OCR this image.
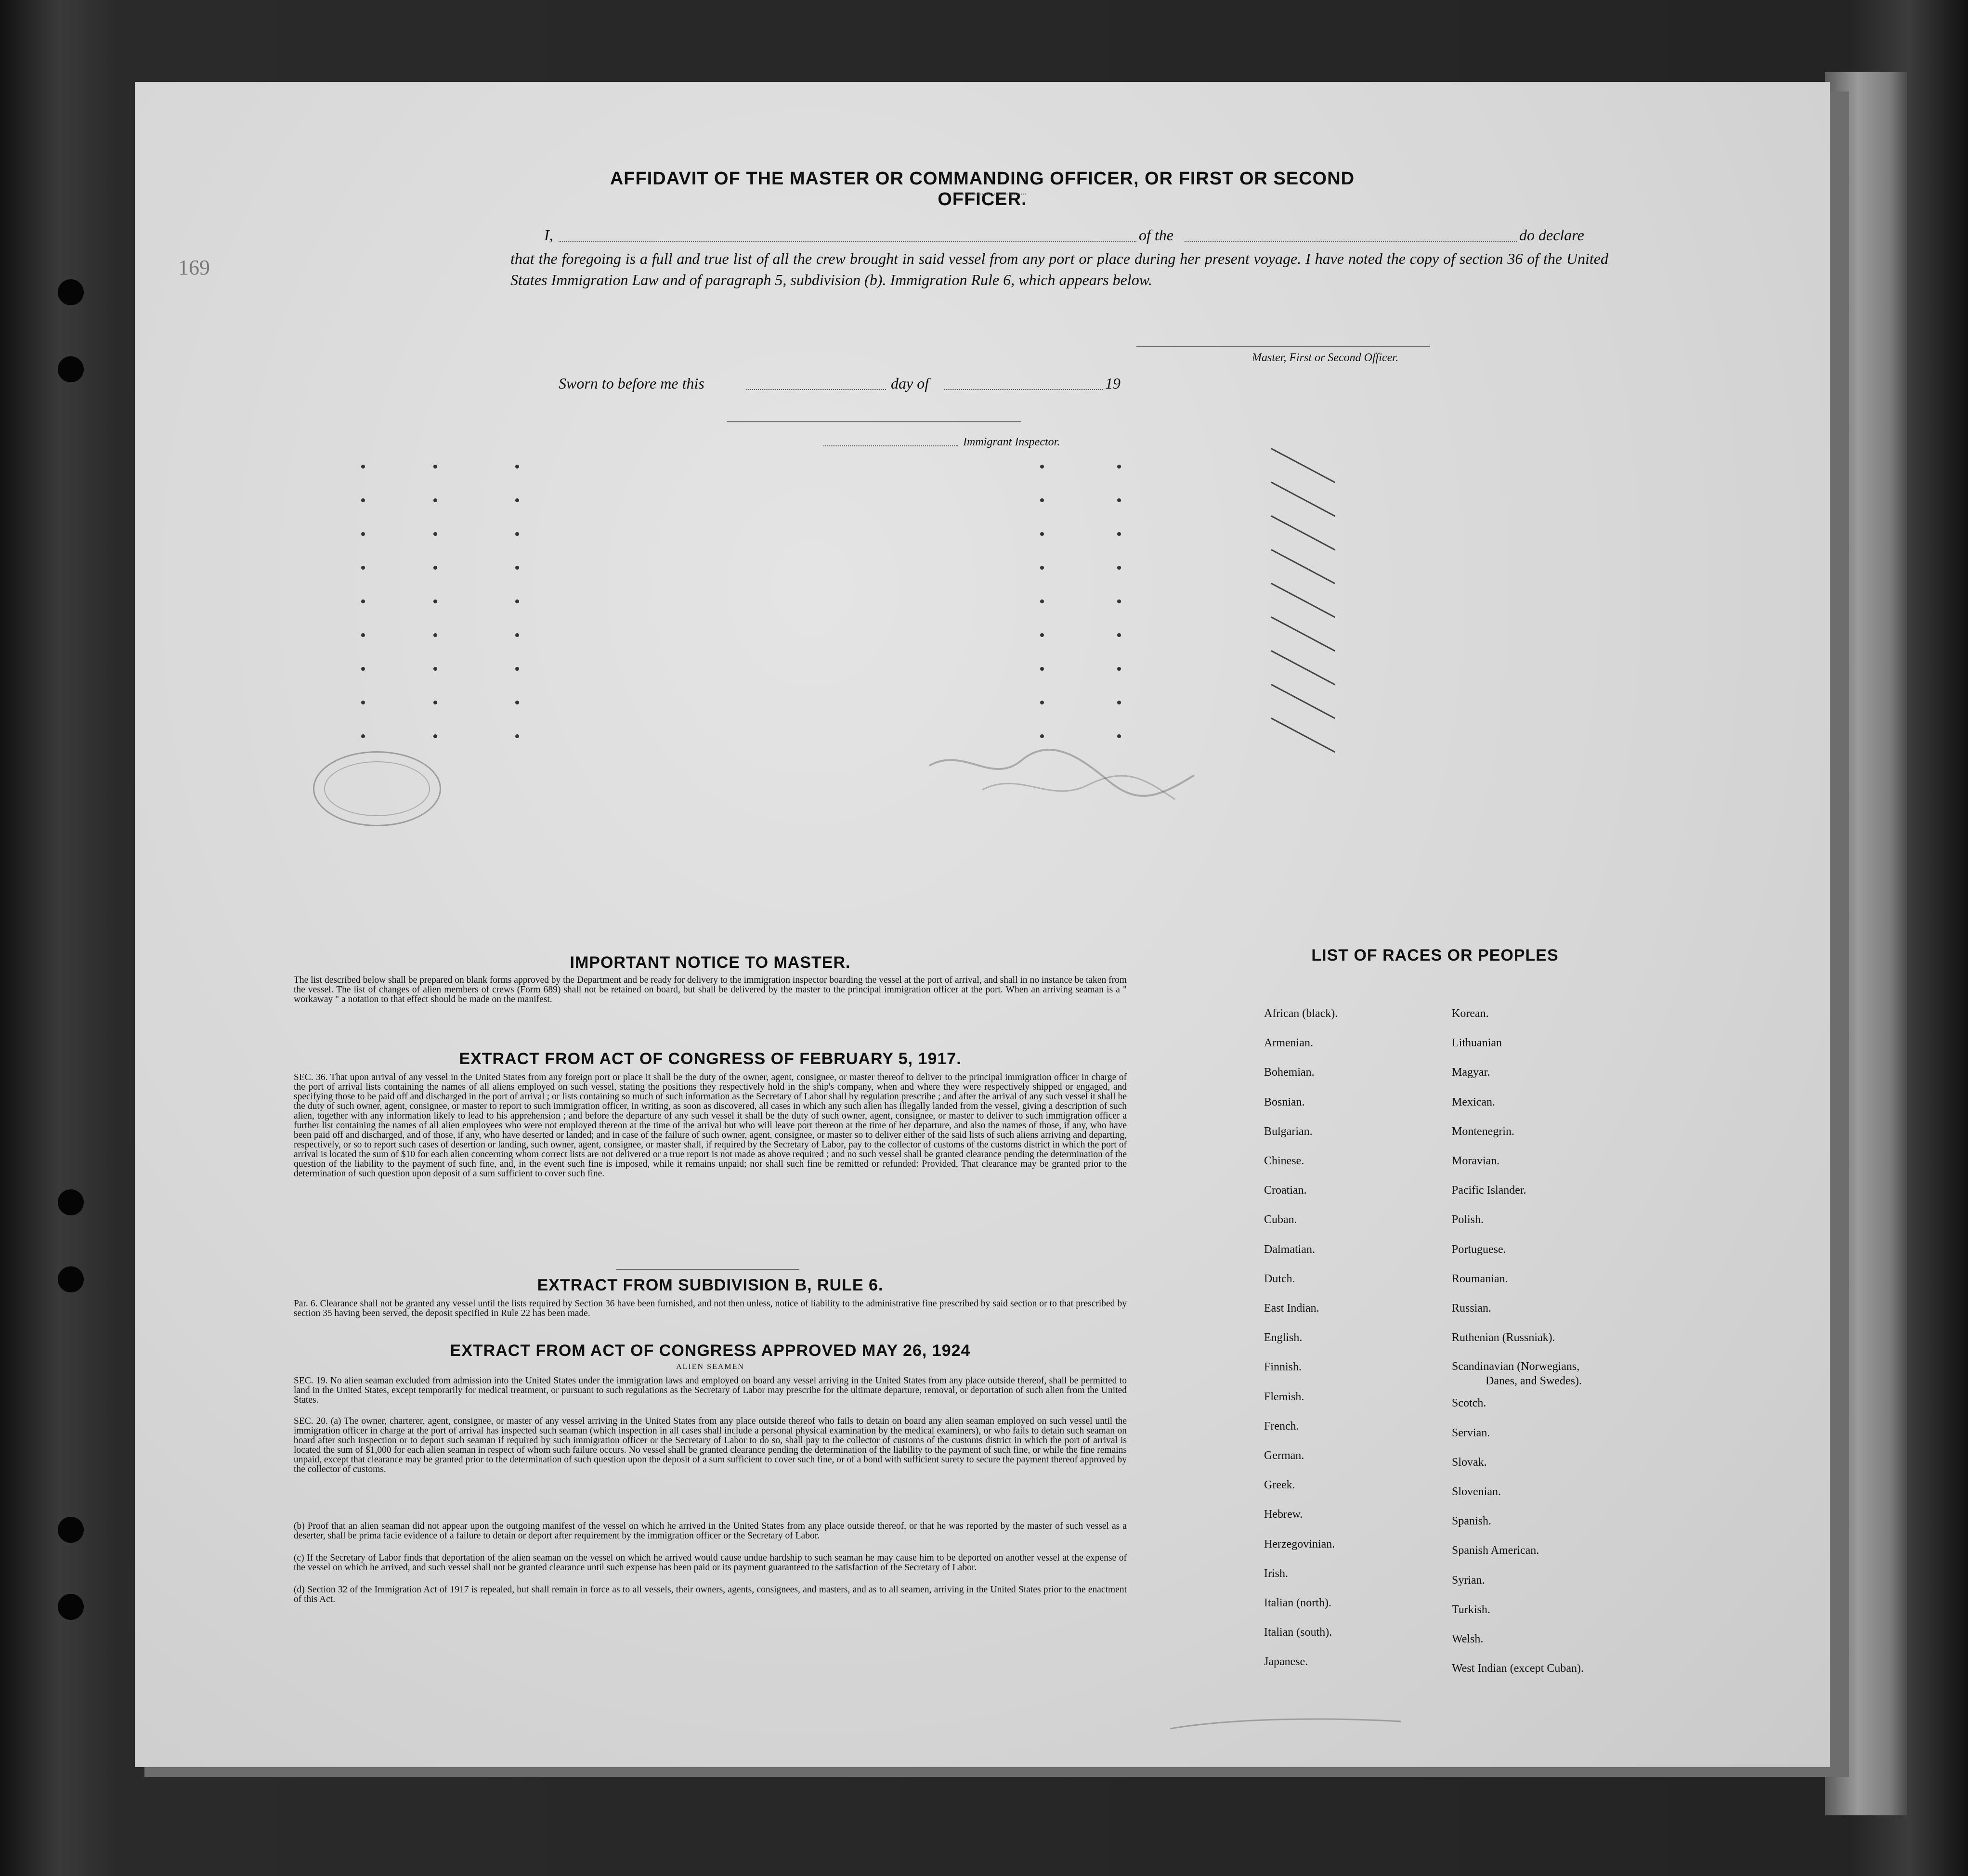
169
AFFIDAVIT OF THE MASTER OR COMMANDING OFFICER, OR FIRST OR SECOND OFFICER.
I,	of the	do declare
that the foregoing is a full and true list of all the crew brought in said vessel from any port or place during her present voyage. I have noted the copy of section 36 of the United States Immigration Law and of paragraph 5, subdivision (b). Immigration Rule 6, which appears below.
Master, First or Second Officer.
Sworn to before me this	day of	19
Immigrant Inspector.
IMPORTANT NOTICE TO MASTER.
The list described below shall be prepared on blank forms approved by the Department and be ready for delivery to the immigration inspector boarding the vessel at the port of arrival, and shall in no instance be taken from the vessel. The list of changes of alien members of crews (Form 689) shall not be retained on board, but shall be delivered by the master to the principal immigration officer at the port. When an arriving seaman is a " workaway " a notation to that effect should be made on the manifest.
EXTRACT FROM ACT OF CONGRESS OF FEBRUARY 5, 1917.
SEC. 36. That upon arrival of any vessel in the United States from any foreign port or place it shall be the duty of the owner, agent, consignee, or master thereof to deliver to the principal immigration officer in charge of the port of arrival lists containing the names of all aliens employed on such vessel, stating the positions they respectively hold in the ship's company, when and where they were respectively shipped or engaged, and specifying those to be paid off and discharged in the port of arrival ; or lists containing so much of such information as the Secretary of Labor shall by regulation prescribe ; and after the arrival of any such vessel it shall be the duty of such owner, agent, consignee, or master to report to such immigration officer, in writing, as soon as discovered, all cases in which any such alien has illegally landed from the vessel, giving a description of such alien, together with any information likely to lead to his apprehension ; and before the departure of any such vessel it shall be the duty of such owner, agent, consignee, or master to deliver to such immigration officer a further list containing the names of all alien employees who were not employed thereon at the time of the arrival but who will leave port thereon at the time of her departure, and also the names of those, if any, who have been paid off and discharged, and of those, if any, who have deserted or landed; and in case of the failure of such owner, agent, consignee, or master so to deliver either of the said lists of such aliens arriving and departing, respectively, or so to report such cases of desertion or landing, such owner, agent, consignee, or master shall, if required by the Secretary of Labor, pay to the collector of customs of the customs district in which the port of arrival is located the sum of $10 for each alien concerning whom correct lists are not delivered or a true report is not made as above required ; and no such vessel shall be granted clearance pending the determination of the question of the liability to the payment of such fine, and, in the event such fine is imposed, while it remains unpaid; nor shall such fine be remitted or refunded: Provided, That clearance may be granted prior to the determination of such question upon deposit of a sum sufficient to cover such fine.
EXTRACT FROM SUBDIVISION B, RULE 6.
Par. 6. Clearance shall not be granted any vessel until the lists required by Section 36 have been furnished, and not then unless, notice of liability to the administrative fine prescribed by said section or to that prescribed by section 35 having been served, the deposit specified in Rule 22 has been made.
EXTRACT FROM ACT OF CONGRESS APPROVED MAY 26, 1924
ALIEN SEAMEN
SEC. 19. No alien seaman excluded from admission into the United States under the immigration laws and employed on board any vessel arriving in the United States from any place outside thereof, shall be permitted to land in the United States, except temporarily for medical treatment, or pursuant to such regulations as the Secretary of Labor may prescribe for the ultimate departure, removal, or deportation of such alien from the United States.
SEC. 20. (a) The owner, charterer, agent, consignee, or master of any vessel arriving in the United States from any place outside thereof who fails to detain on board any alien seaman employed on such vessel until the immigration officer in charge at the port of arrival has inspected such seaman (which inspection in all cases shall include a personal physical examination by the medical examiners), or who fails to detain such seaman on board after such inspection or to deport such seaman if required by such immigration officer or the Secretary of Labor to do so, shall pay to the collector of customs of the customs district in which the port of arrival is located the sum of $1,000 for each alien seaman in respect of whom such failure occurs. No vessel shall be granted clearance pending the determination of the liability to the payment of such fine, or while the fine remains unpaid, except that clearance may be granted prior to the determination of such question upon the deposit of a sum sufficient to cover such fine, or of a bond with sufficient surety to secure the payment thereof approved by the collector of customs.
(b) Proof that an alien seaman did not appear upon the outgoing manifest of the vessel on which he arrived in the United States from any place outside thereof, or that he was reported by the master of such vessel as a deserter, shall be prima facie evidence of a failure to detain or deport after requirement by the immigration officer or the Secretary of Labor.
(c) If the Secretary of Labor finds that deportation of the alien seaman on the vessel on which he arrived would cause undue hardship to such seaman he may cause him to be deported on another vessel at the expense of the vessel on which he arrived, and such vessel shall not be granted clearance until such expense has been paid or its payment guaranteed to the satisfaction of the Secretary of Labor.
(d) Section 32 of the Immigration Act of 1917 is repealed, but shall remain in force as to all vessels, their owners, agents, consignees, and masters, and as to all seamen, arriving in the United States prior to the enactment of this Act.
LIST OF RACES OR PEOPLES
African (black).
Armenian.
Bohemian.
Bosnian.
Bulgarian.
Chinese.
Croatian.
Cuban.
Dalmatian.
Dutch.
East Indian.
English.
Finnish.
Flemish.
French.
German.
Greek.
Hebrew.
Herzegovinian.
Irish.
Italian (north).
Italian (south).
Japanese.
Korean.
Lithuanian
Magyar.
Mexican.
Montenegrin.
Moravian.
Pacific Islander.
Polish.
Portuguese.
Roumanian.
Russian.
Ruthenian (Russniak).
Scandinavian (Norwegians,
Danes, and Swedes).
Scotch.
Servian.
Slovak.
Slovenian.
Spanish.
Spanish American.
Syrian.
Turkish.
Welsh.
West Indian (except Cuban).
